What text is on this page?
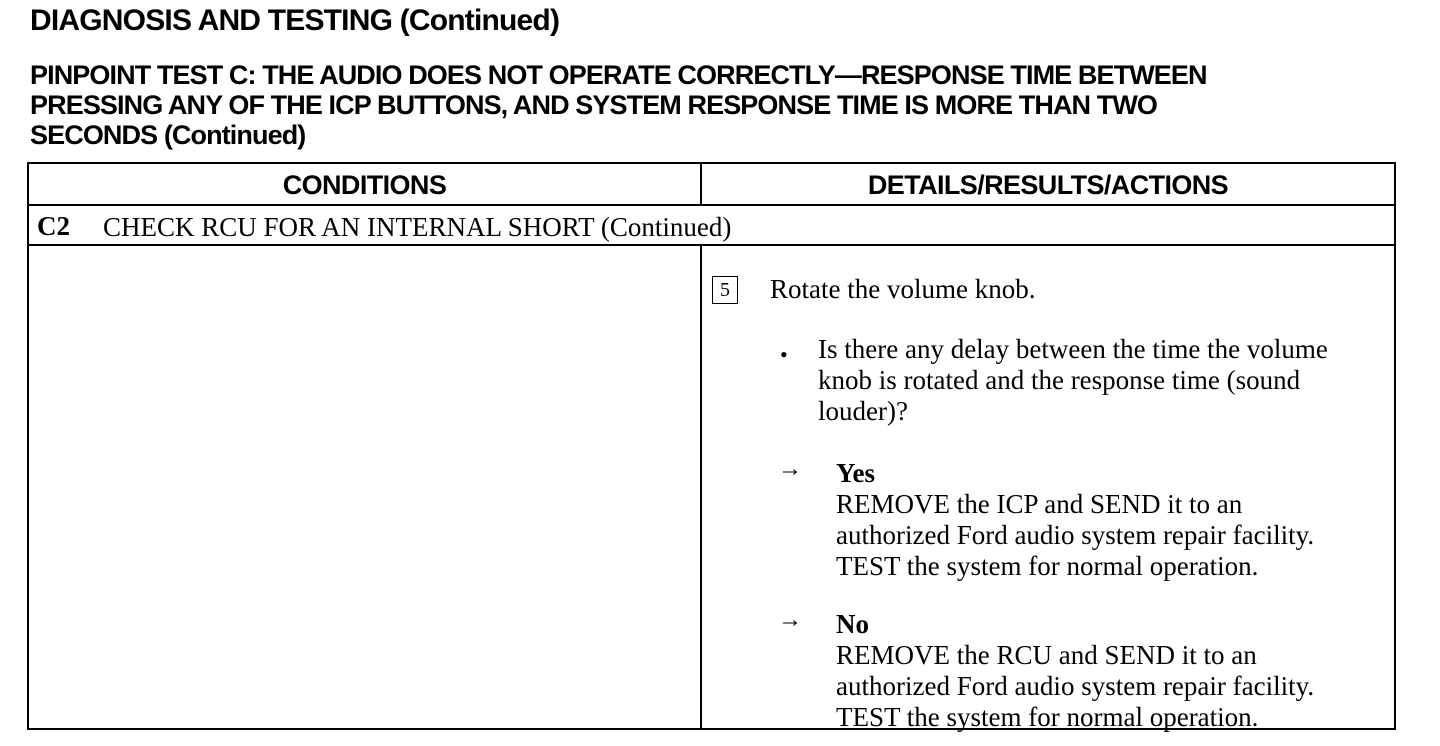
DIAGNOSIS AND TESTING (Continued)
PINPOINT TEST C: THE AUDIO DOES NOT OPERATE CORRECTLY—RESPONSE TIME BETWEEN
PRESSING ANY OF THE ICP BUTTONS, AND SYSTEM RESPONSE TIME IS MORE THAN TWO
SECONDS (Continued)
CONDITIONS	DETAILS/RESULTS/ACTIONS
C2 CHECK RCU FOR AN INTERNAL SHORT (Continued)
5 Rotate the volume knob.
• Is there any delay between the time the volume knob is rotated and the response time (sound louder)?
→ Yes
REMOVE the ICP and SEND it to an
authorized Ford audio system repair facility.
TEST the system for normal operation.
→ No
REMOVE the RCU and SEND it to an
authorized Ford audio system repair facility.
TEST the system for normal operation.
